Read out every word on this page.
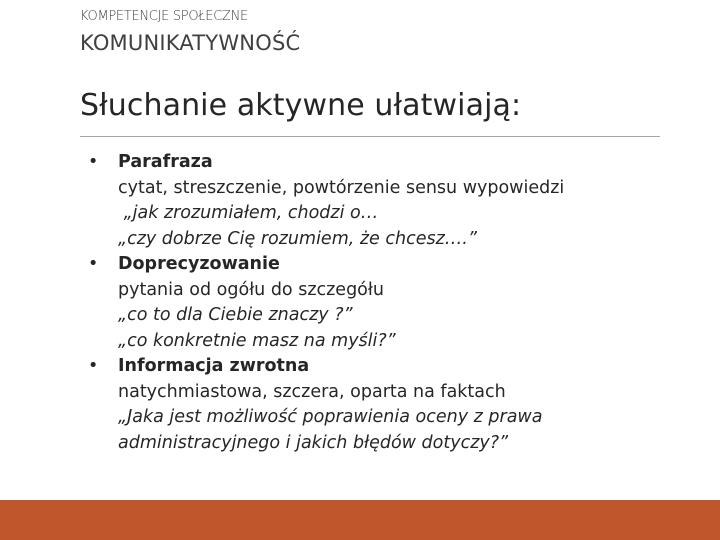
KOMPETENCJE SPOŁECZNE
KOMUNIKATYWNOŚĆ
Słuchanie aktywne ułatwiają:
•	Parafraza
cytat, streszczenie, powtórzenie sensu wypowiedzi
„jak zrozumiałem, chodzi o…
„czy dobrze Cię rozumiem, że chcesz….”
•	Doprecyzowanie
pytania od ogółu do szczegółu
„co to dla Ciebie znaczy ?”
„co konkretnie masz na myśli?”
•	Informacja zwrotna
natychmiastowa, szczera, oparta na faktach
„Jaka jest możliwość poprawienia oceny z prawa
administracyjnego i jakich błędów dotyczy?”
